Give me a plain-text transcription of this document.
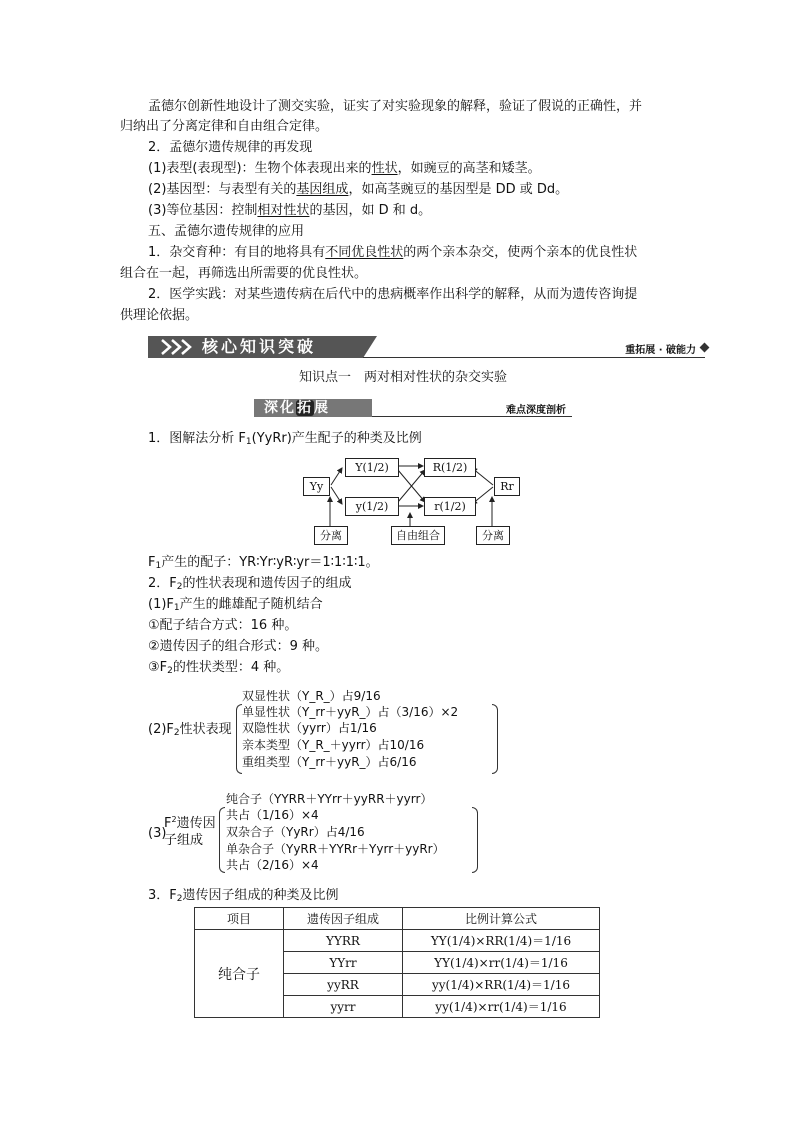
孟德尔创新性地设计了测交实验，证实了对实验现象的解释，验证了假说的正确性，并
归纳出了分离定律和自由组合定律。
2．孟德尔遗传规律的再发现
(1)表型(表现型)：生物个体表现出来的性状，如豌豆的高茎和矮茎。
(2)基因型：与表型有关的基因组成，如高茎豌豆的基因型是 DD 或 Dd。
(3)等位基因：控制相对性状的基因，如 D 和 d。
五、孟德尔遗传规律的应用
1．杂交育种：有目的地将具有不同优良性状的两个亲本杂交，使两个亲本的优良性状
组合在一起，再筛选出所需要的优良性状。
2．医学实践：对某些遗传病在后代中的患病概率作出科学的解释，从而为遗传咨询提
供理论依据。
核心知识突破	重拓展 · 破能力
知识点一　两对相对性状的杂交实验
深化拓展	难点深度剖析
1．图解法分析 $F_1(YyRr)$产生配子的种类及比例
Yy
Y(1/2)
y(1/2)
R(1/2)
r(1/2)
Rr
分离	自由组合	分离
$F_1$产生的配子：YR∶Yr∶yR∶yr＝1∶1∶1∶1。
2．$F_2$的性状表现和遗传因子的组成
$(1)F_1$产生的雌雄配子随机结合
①配子结合方式：16 种。
②遗传因子的组合形式：9 种。
$③F_2$的性状类型：4 种。
$(2)F_2$性状表现
双显性状（Y_R_）占9/16
单显性状（Y_rr＋yyR_）占（3/16）×2
双隐性状（yyrr）占1/16
亲本类型（Y_R_＋yyrr）占10/16
重组类型（Y_rr＋yyR_）占6/16
(3)
$F^2$遗传因
子组成
纯合子（YYRR＋YYrr＋yyRR＋yyrr）
共占（1/16）×4
双杂合子（YyRr）占4/16
单杂合子（YyRR＋YYRr＋Yyrr＋yyRr）
共占（2/16）×4
3．$F_2$遗传因子组成的种类及比例
项目	遗传因子组成	比例计算公式
纯合子	YYRR	YY(1/4)×RR(1/4)＝1/16
	YYrr	YY(1/4)×rr(1/4)＝1/16
	yyRR	yy(1/4)×RR(1/4)＝1/16
	yyrr	yy(1/4)×rr(1/4)＝1/16
